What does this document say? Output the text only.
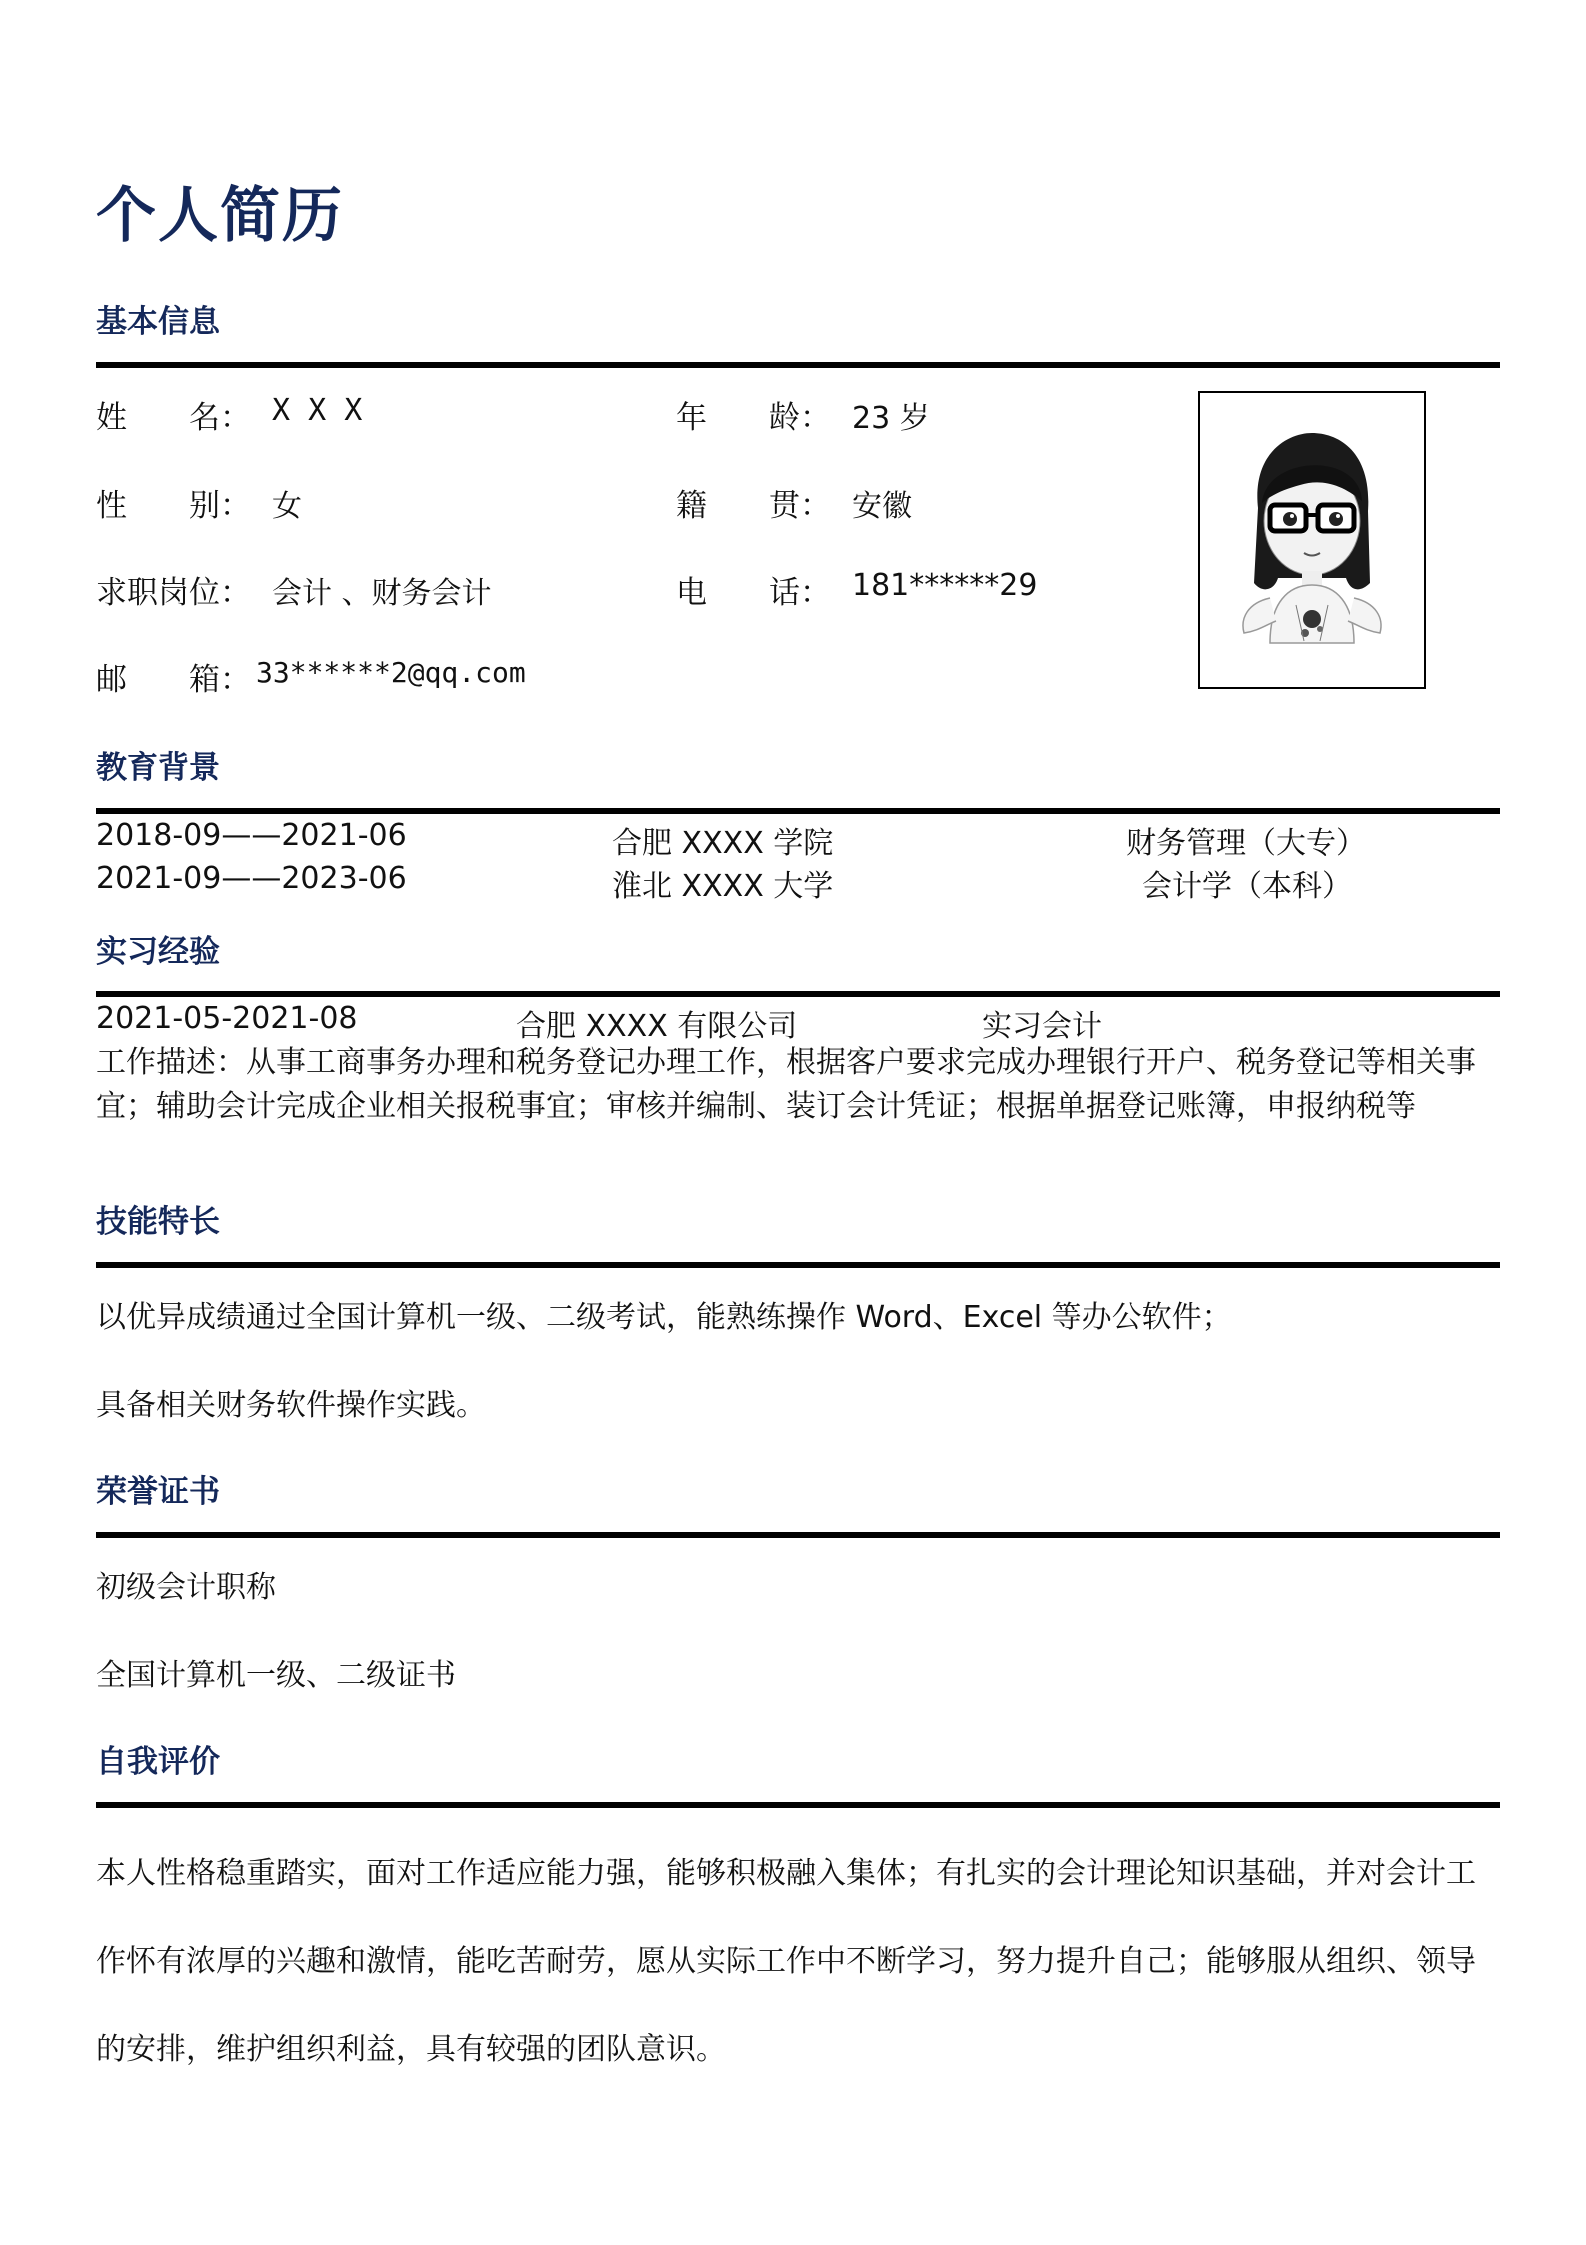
个人简历
基本信息
姓　　名： X X X	年　　龄： 23 岁
性　　别： 女	籍　　贯： 安徽
求职岗位： 会计 、财务会计	电　　话： 181******29
邮　　箱： 33******2@qq.com
教育背景
2018-09——2021-06	合肥 XXXX 学院	财务管理（大专）
2021-09——2023-06	淮北 XXXX 大学	会计学（本科）
实习经验
2021-05-2021-08	合肥 XXXX 有限公司	实习会计
工作描述：从事工商事务办理和税务登记办理工作，根据客户要求完成办理银行开户、税务登记等相关事宜；辅助会计完成企业相关报税事宜；审核并编制、装订会计凭证；根据单据登记账簿，申报纳税等
技能特长
以优异成绩通过全国计算机一级、二级考试，能熟练操作 Word、Excel 等办公软件；
具备相关财务软件操作实践。
荣誉证书
初级会计职称
全国计算机一级、二级证书
自我评价
本人性格稳重踏实，面对工作适应能力强，能够积极融入集体；有扎实的会计理论知识基础，并对会计工作怀有浓厚的兴趣和激情，能吃苦耐劳，愿从实际工作中不断学习，努力提升自己；能够服从组织、领导的安排，维护组织利益，具有较强的团队意识。
